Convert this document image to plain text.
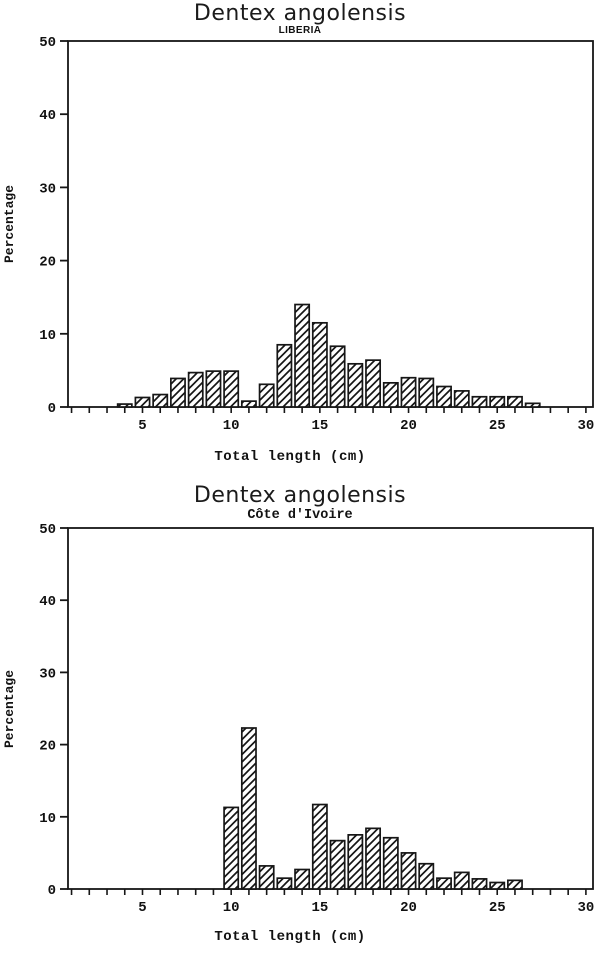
Dentex angolensis
LIBERIA
Percentage
0
10
20
30
40
50
5	10	15	20	25	30
Total length (cm)
Dentex angolensis
Côte d'Ivoire
Percentage
0
10
20
30
40
50
5	10	15	20	25	30
Total length (cm)
